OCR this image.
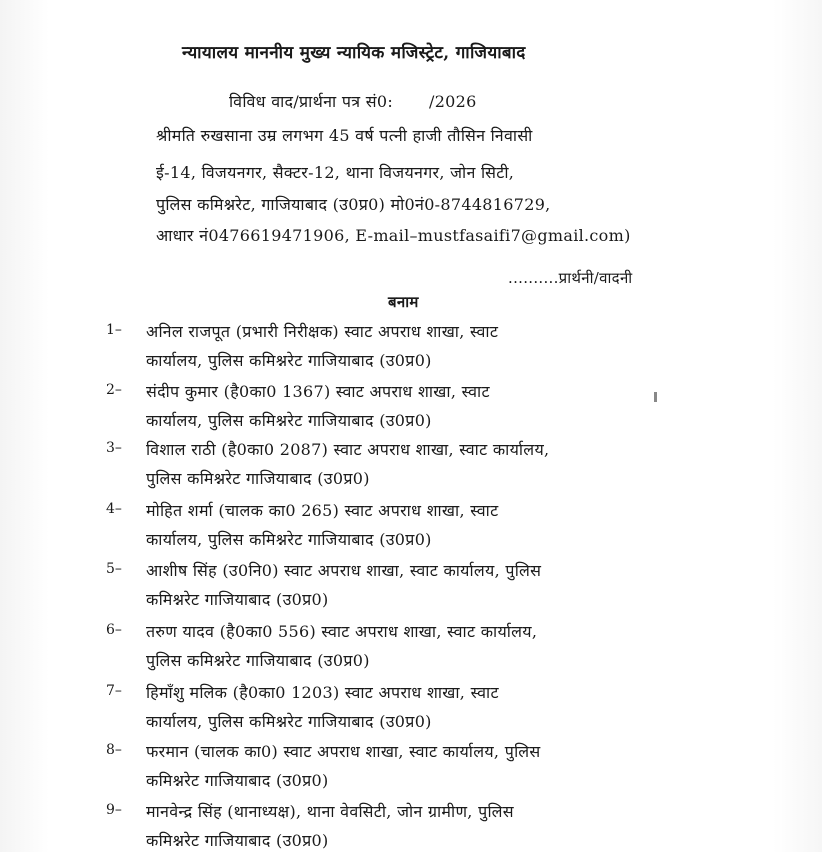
न्यायालय माननीय मुख्य न्यायिक मजिस्ट्रेट, गाजियाबाद
विविध वाद/प्रार्थना पत्र सं0: /2026
श्रीमति रुखसाना उम्र लगभग 45 वर्ष पत्नी हाजी तौसिन निवासी
ई-14, विजयनगर, सैक्टर-12, थाना विजयनगर, जोन सिटी,
पुलिस कमिश्नरेट, गाजियाबाद (उ0प्र0) मो0नं0-8744816729,
आधार नं0476619471906, E-mail–mustfasaifi7@gmail.com)
..........प्रार्थनी/वादनी
बनाम
1–	अनिल राजपूत (प्रभारी निरीक्षक) स्वाट अपराध शाखा, स्वाट
कार्यालय, पुलिस कमिश्नरेट गाजियाबाद (उ0प्र0)
2–	संदीप कुमार (है0का0 1367) स्वाट अपराध शाखा, स्वाट
कार्यालय, पुलिस कमिश्नरेट गाजियाबाद (उ0प्र0)
3–	विशाल राठी (है0का0 2087) स्वाट अपराध शाखा, स्वाट कार्यालय,
पुलिस कमिश्नरेट गाजियाबाद (उ0प्र0)
4–	मोहित शर्मा (चालक का0 265) स्वाट अपराध शाखा, स्वाट
कार्यालय, पुलिस कमिश्नरेट गाजियाबाद (उ0प्र0)
5–	आशीष सिंह (उ0नि0) स्वाट अपराध शाखा, स्वाट कार्यालय, पुलिस
कमिश्नरेट गाजियाबाद (उ0प्र0)
6–	तरुण यादव (है0का0 556) स्वाट अपराध शाखा, स्वाट कार्यालय,
पुलिस कमिश्नरेट गाजियाबाद (उ0प्र0)
7–	हिमाँशु मलिक (है0का0 1203) स्वाट अपराध शाखा, स्वाट
कार्यालय, पुलिस कमिश्नरेट गाजियाबाद (उ0प्र0)
8–	फरमान (चालक का0) स्वाट अपराध शाखा, स्वाट कार्यालय, पुलिस
कमिश्नरेट गाजियाबाद (उ0प्र0)
9–	मानवेन्द्र सिंह (थानाध्यक्ष), थाना वेवसिटी, जोन ग्रामीण, पुलिस
कमिश्नरेट गाजियाबाद (उ0प्र0)
